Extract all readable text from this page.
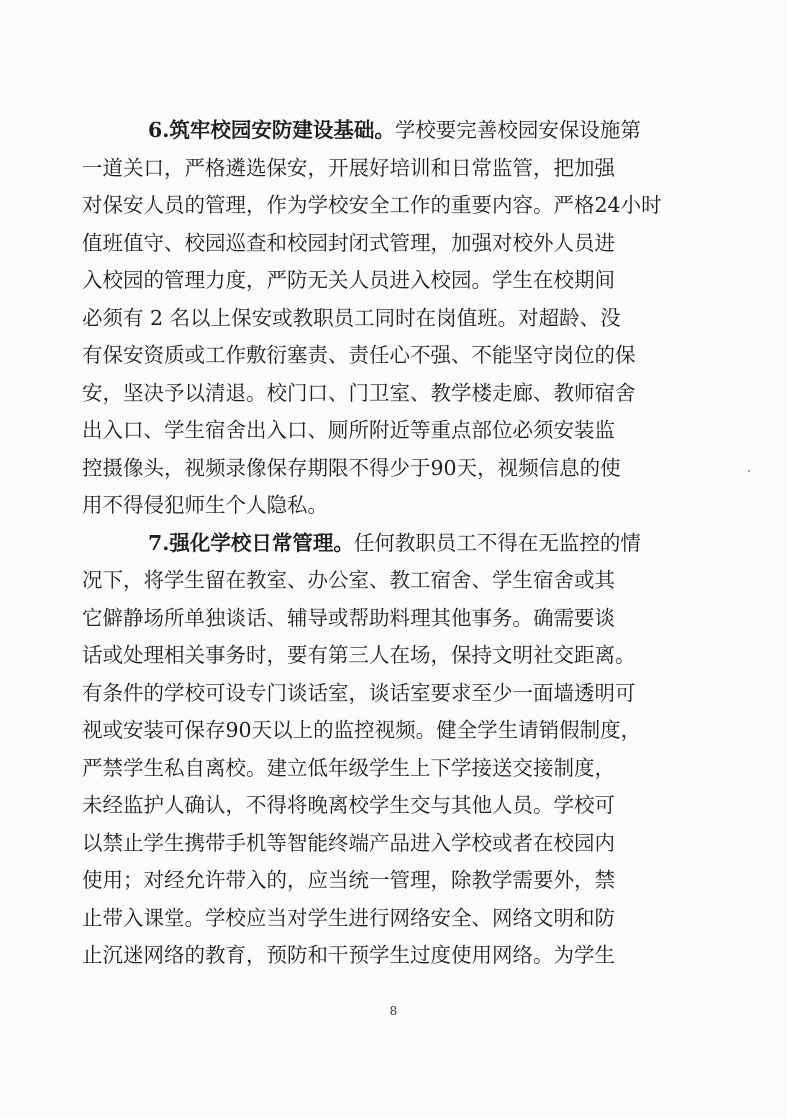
6.筑牢校园安防建设基础。学校要完善校园安保设施第
一道关口，严格遴选保安，开展好培训和日常监管，把加强
对保安人员的管理，作为学校安全工作的重要内容。严格24小时
值班值守、校园巡查和校园封闭式管理，加强对校外人员进
入校园的管理力度，严防无关人员进入校园。学生在校期间
必须有 2 名以上保安或教职员工同时在岗值班。对超龄、没
有保安资质或工作敷衍塞责、责任心不强、不能坚守岗位的保
安，坚决予以清退。校门口、门卫室、教学楼走廊、教师宿舍
出入口、学生宿舍出入口、厕所附近等重点部位必须安装监
控摄像头，视频录像保存期限不得少于90天，视频信息的使
用不得侵犯师生个人隐私。
7.强化学校日常管理。任何教职员工不得在无监控的情
况下，将学生留在教室、办公室、教工宿舍、学生宿舍或其
它僻静场所单独谈话、辅导或帮助料理其他事务。确需要谈
话或处理相关事务时，要有第三人在场，保持文明社交距离。
有条件的学校可设专门谈话室，谈话室要求至少一面墙透明可
视或安装可保存90天以上的监控视频。健全学生请销假制度，
严禁学生私自离校。建立低年级学生上下学接送交接制度，
未经监护人确认，不得将晚离校学生交与其他人员。学校可
以禁止学生携带手机等智能终端产品进入学校或者在校园内
使用；对经允许带入的，应当统一管理，除教学需要外，禁
止带入课堂。学校应当对学生进行网络安全、网络文明和防
止沉迷网络的教育，预防和干预学生过度使用网络。为学生
8
